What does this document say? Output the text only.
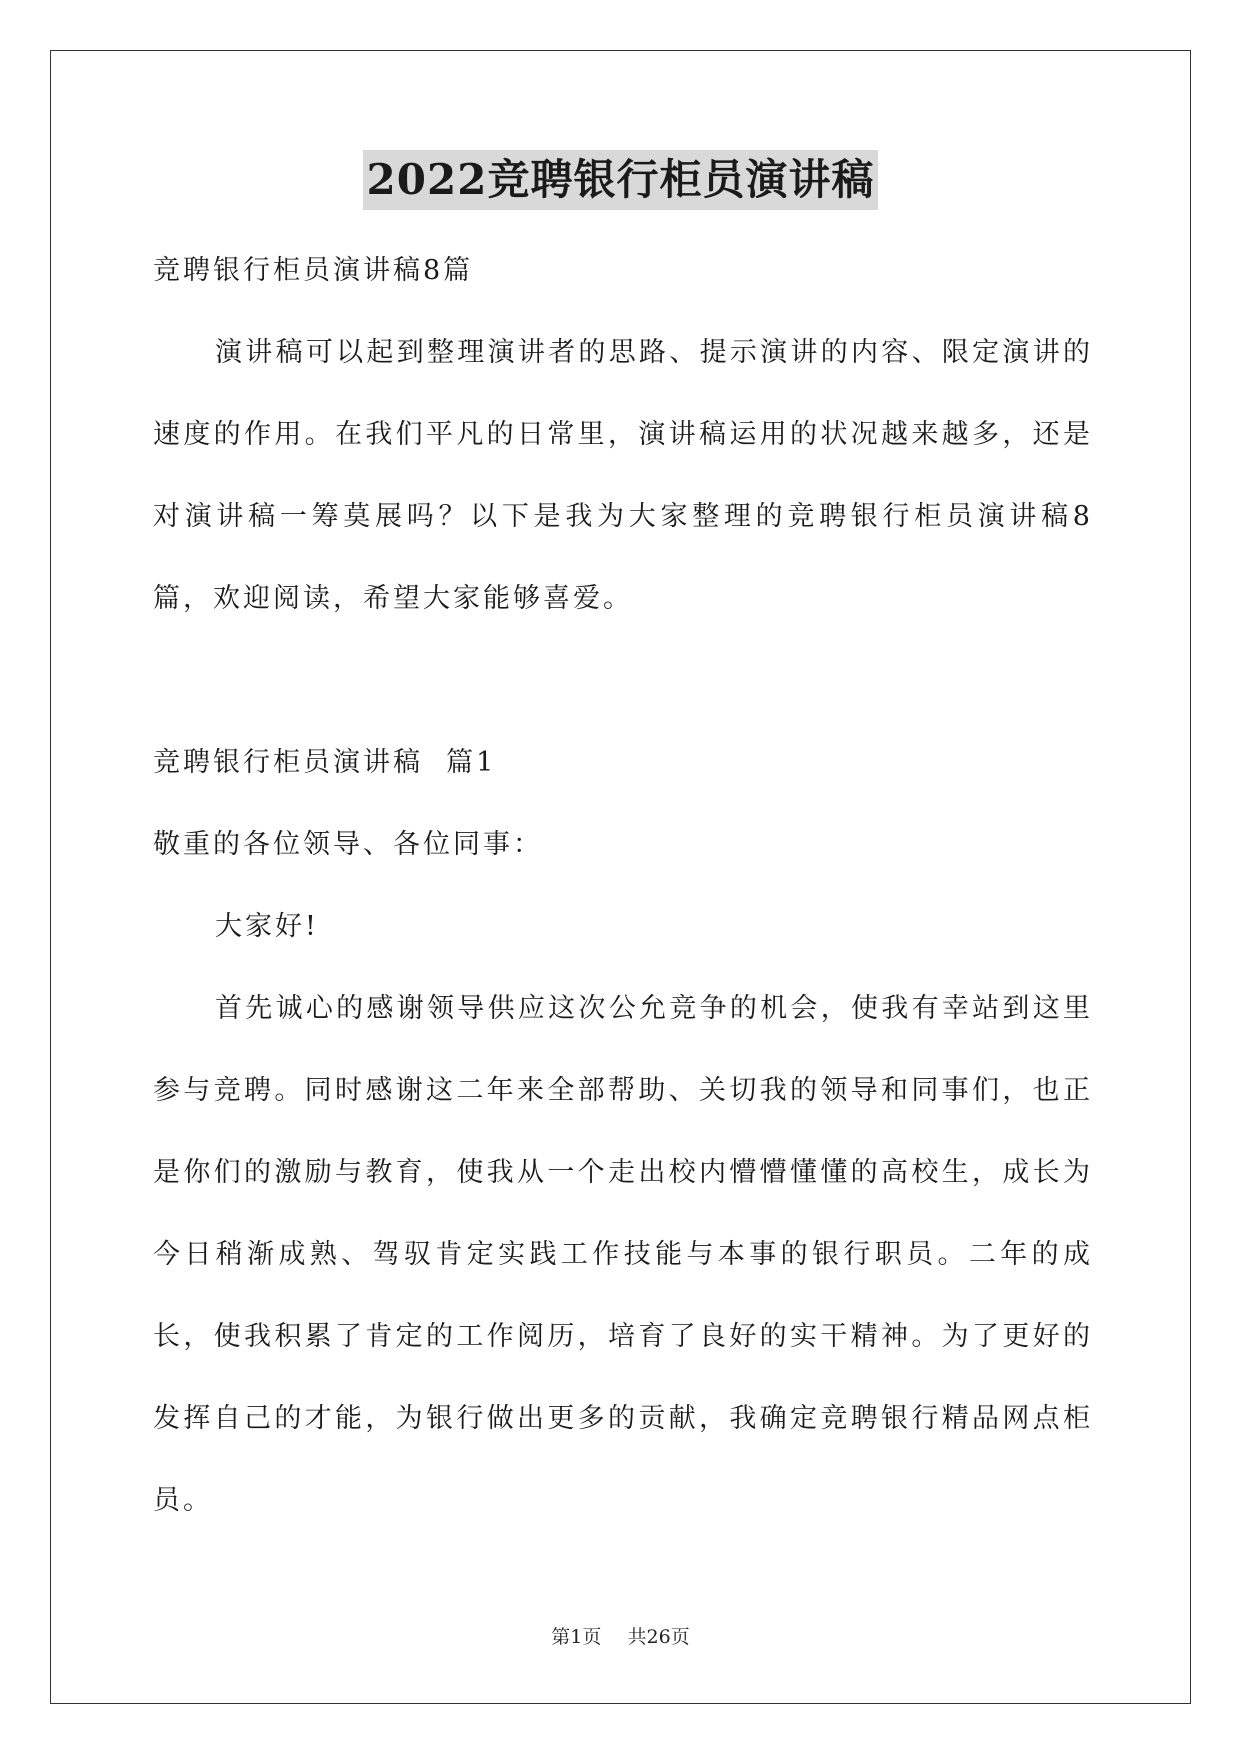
2022竞聘银行柜员演讲稿

竞聘银行柜员演讲稿8篇

演讲稿可以起到整理演讲者的思路、提示演讲的内容、限定演讲的速度的作用。在我们平凡的日常里，演讲稿运用的状况越来越多，还是对演讲稿一筹莫展吗？以下是我为大家整理的竞聘银行柜员演讲稿8篇，欢迎阅读，希望大家能够喜爱。

竞聘银行柜员演讲稿  篇1

敬重的各位领导、各位同事：

大家好!

首先诚心的感谢领导供应这次公允竞争的机会，使我有幸站到这里参与竞聘。同时感谢这二年来全部帮助、关切我的领导和同事们，也正是你们的激励与教育，使我从一个走出校内懵懵懂懂的高校生，成长为今日稍渐成熟、驾驭肯定实践工作技能与本事的银行职员。二年的成长，使我积累了肯定的工作阅历，培育了良好的实干精神。为了更好的发挥自己的才能，为银行做出更多的贡献，我确定竞聘银行精品网点柜员。

第1页 共26页
